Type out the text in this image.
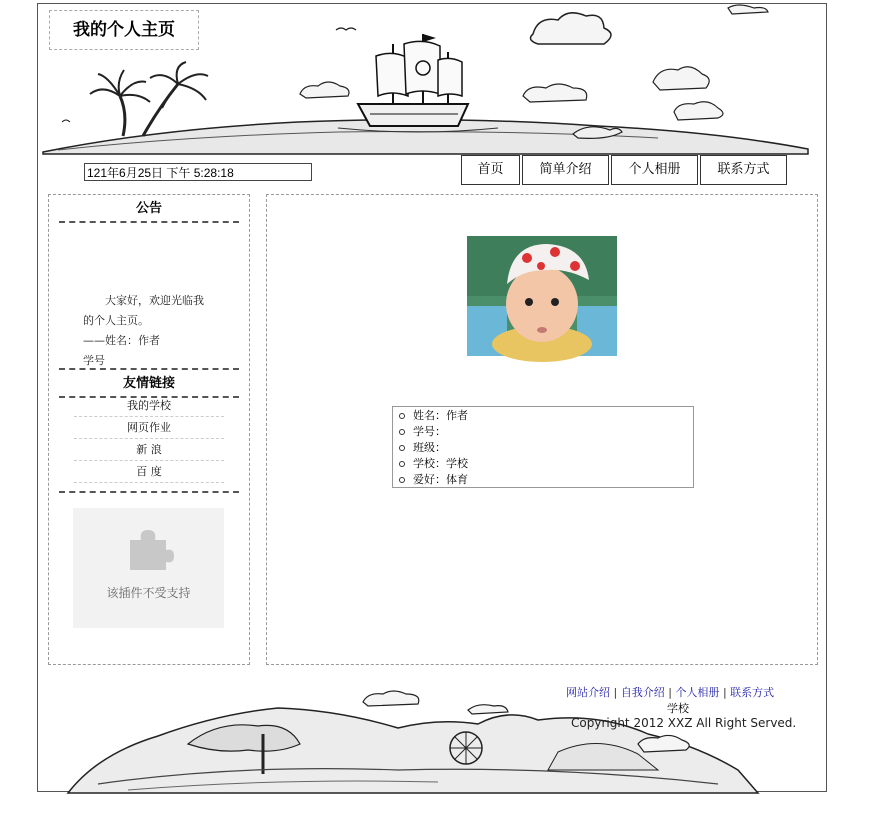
我的个人主页
121年6月25日 下午 5:28:18
首页	简单介绍	个人相册	联系方式
公告

大家好，欢迎光临我

的个人主页。

——姓名：作者

学号

友情链接
我的学校
网页作业
新 浪
百 度
该插件不受支持
姓名：作者
学号：
班级：
学校：学校
爱好：体育
网站介绍 | 自我介绍 | 个人相册 | 联系方式
学校
Copyright 2012 XXZ All Right Served.
